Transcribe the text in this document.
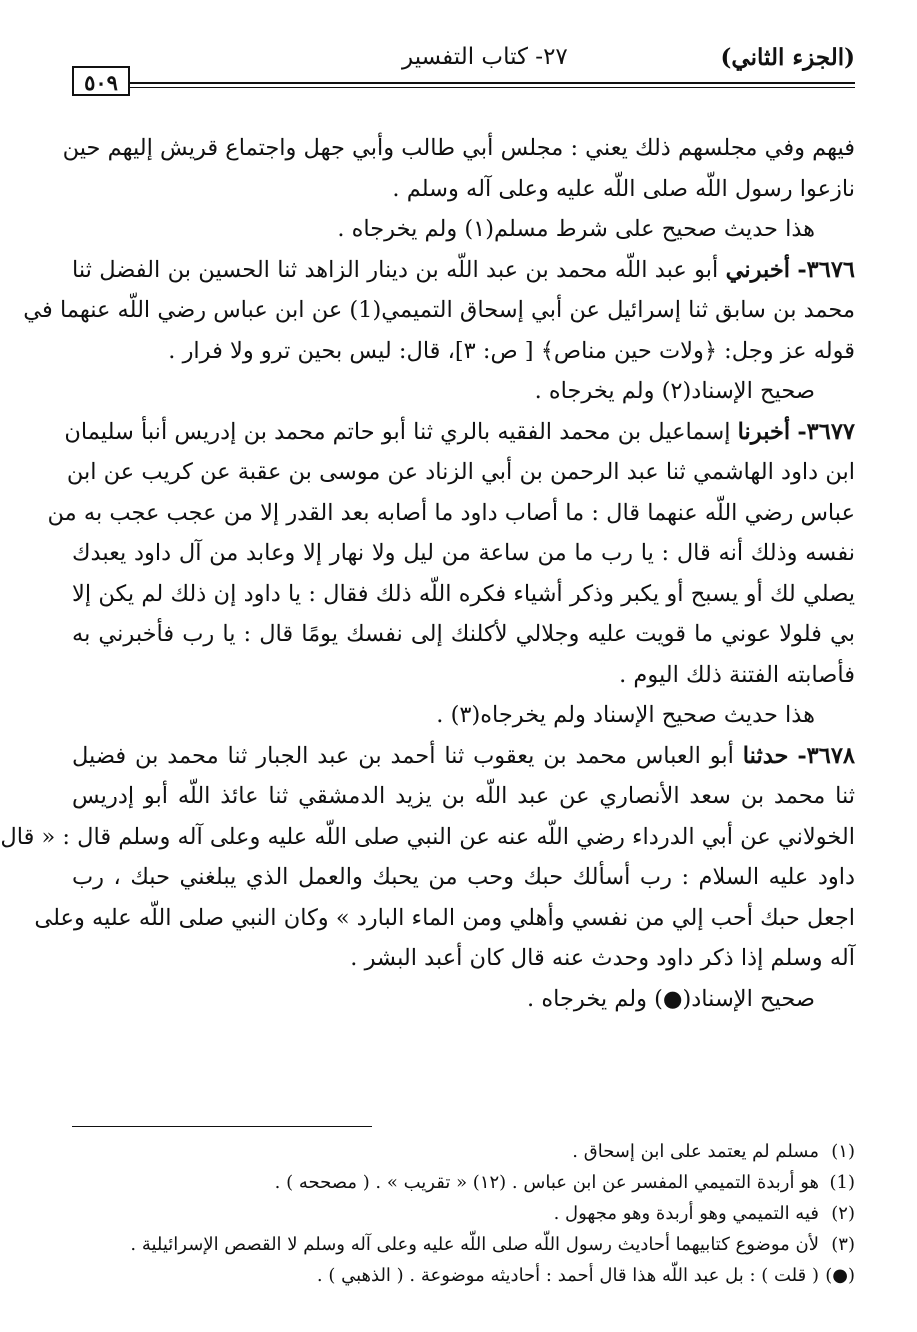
(الجزء الثاني)
٢٧- كتاب التفسير
٥٠٩
فيهم وفي مجلسهم ذلك يعني : مجلس أبي طالب وأبي جهل واجتماع قريش إليهم حين
نازعوا رسول اللّه صلى اللّه عليه وعلى آله وسلم .
هذا حديث صحيح على شرط مسلم(١) ولم يخرجاه .
٣٦٧٦- أخبرني أبو عبد اللّه محمد بن عبد اللّه بن دينار الزاهد ثنا الحسين بن الفضل ثنا
محمد بن سابق ثنا إسرائيل عن أبي إسحاق التميمي(1) عن ابن عباس رضي اللّه عنهما في
قوله عز وجل: ﴿ولات حين مناص﴾ [ ص: ٣]، قال: ليس بحين ترو ولا فرار .
صحيح الإسناد(٢) ولم يخرجاه .
٣٦٧٧- أخبرنا إسماعيل بن محمد الفقيه بالري ثنا أبو حاتم محمد بن إدريس أنبأ سليمان
ابن داود الهاشمي ثنا عبد الرحمن بن أبي الزناد عن موسى بن عقبة عن كريب عن ابن
عباس رضي اللّه عنهما قال : ما أصاب داود ما أصابه بعد القدر إلا من عجب عجب به من
نفسه وذلك أنه قال : يا رب ما من ساعة من ليل ولا نهار إلا وعابد من آل داود يعبدك
يصلي لك أو يسبح أو يكبر وذكر أشياء فكره اللّه ذلك فقال : يا داود إن ذلك لم يكن إلا
بي فلولا عوني ما قويت عليه وجلالي لأكلنك إلى نفسك يومًا قال : يا رب فأخبرني به
فأصابته الفتنة ذلك اليوم .
هذا حديث صحيح الإسناد ولم يخرجاه(٣) .
٣٦٧٨- حدثنا أبو العباس محمد بن يعقوب ثنا أحمد بن عبد الجبار ثنا محمد بن فضيل
ثنا محمد بن سعد الأنصاري عن عبد اللّه بن يزيد الدمشقي ثنا عائذ اللّه أبو إدريس
الخولاني عن أبي الدرداء رضي اللّه عنه عن النبي صلى اللّه عليه وعلى آله وسلم قال : « قال
داود عليه السلام : رب أسألك حبك وحب من يحبك والعمل الذي يبلغني حبك ، رب
اجعل حبك أحب إلي من نفسي وأهلي ومن الماء البارد » وكان النبي صلى اللّه عليه وعلى
آله وسلم إذا ذكر داود وحدث عنه قال كان أعبد البشر .
صحيح الإسناد(●) ولم يخرجاه .
(١)مسلم لم يعتمد على ابن إسحاق .
(1)هو أربدة التميمي المفسر عن ابن عباس . (١٢) « تقريب » . ( مصححه ) .
(٢)فيه التميمي وهو أربدة وهو مجهول .
(٣)لأن موضوع كتابيهما أحاديث رسول اللّه صلى اللّه عليه وعلى آله وسلم لا القصص الإسرائيلية .
(●)( قلت ) : بل عبد اللّه هذا قال أحمد : أحاديثه موضوعة . ( الذهبي ) .
